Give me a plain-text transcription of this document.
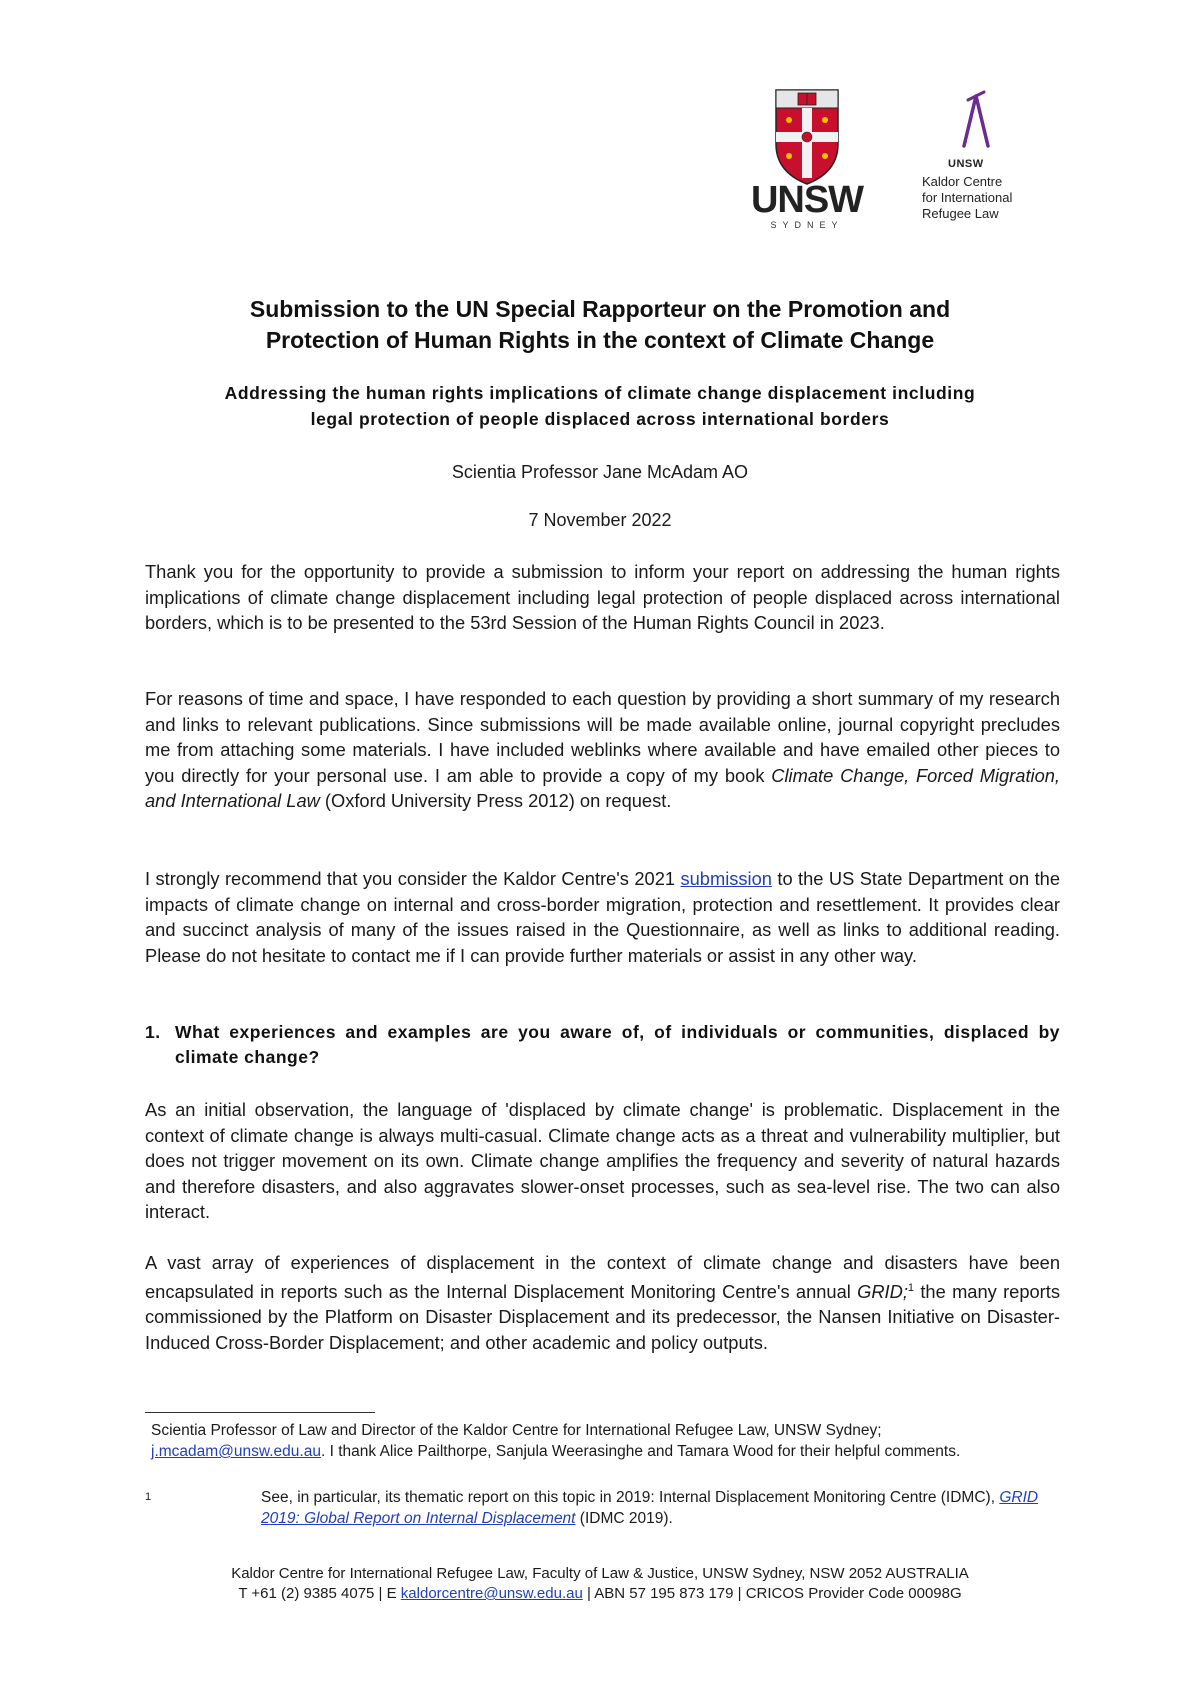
UNSW
SYDNEY
UNSW
Kaldor Centre
for International
Refugee Law
Submission to the UN Special Rapporteur on the Promotion and
Protection of Human Rights in the context of Climate Change
Addressing the human rights implications of climate change displacement including
legal protection of people displaced across international borders
Scientia Professor Jane McAdam AO
7 November 2022

Thank you for the opportunity to provide a submission to inform your report on addressing the human rights implications of climate change displacement including legal protection of people displaced across international borders, which is to be presented to the 53rd Session of the Human Rights Council in 2023.

For reasons of time and space, I have responded to each question by providing a short summary of my research and links to relevant publications. Since submissions will be made available online, journal copyright precludes me from attaching some materials. I have included weblinks where available and have emailed other pieces to you directly for your personal use. I am able to provide a copy of my book Climate Change, Forced Migration, and International Law (Oxford University Press 2012) on request.

I strongly recommend that you consider the Kaldor Centre's 2021 submission to the US State Department on the impacts of climate change on internal and cross-border migration, protection and resettlement. It provides clear and succinct analysis of many of the issues raised in the Questionnaire, as well as links to additional reading. Please do not hesitate to contact me if I can provide further materials or assist in any other way.

1. What experiences and examples are you aware of, of individuals or communities, displaced by climate change?

As an initial observation, the language of 'displaced by climate change' is problematic. Displacement in the context of climate change is always multi-casual. Climate change acts as a threat and vulnerability multiplier, but does not trigger movement on its own. Climate change amplifies the frequency and severity of natural hazards and therefore disasters, and also aggravates slower-onset processes, such as sea-level rise. The two can also interact.

A vast array of experiences of displacement in the context of climate change and disasters have been encapsulated in reports such as the Internal Displacement Monitoring Centre's annual GRID;$^1$ the many reports commissioned by the Platform on Disaster Displacement and its predecessor, the Nansen Initiative on Disaster-Induced Cross-Border Displacement; and other academic and policy outputs.

Scientia Professor of Law and Director of the Kaldor Centre for International Refugee Law, UNSW Sydney; j.mcadam@unsw.edu.au. I thank Alice Pailthorpe, Sanjula Weerasinghe and Tamara Wood for their helpful comments.
1	See, in particular, its thematic report on this topic in 2019: Internal Displacement Monitoring Centre (IDMC), GRID 2019: Global Report on Internal Displacement (IDMC 2019).
Kaldor Centre for International Refugee Law, Faculty of Law & Justice, UNSW Sydney, NSW 2052 AUSTRALIA
T +61 (2) 9385 4075 | E kaldorcentre@unsw.edu.au | ABN 57 195 873 179 | CRICOS Provider Code 00098G
